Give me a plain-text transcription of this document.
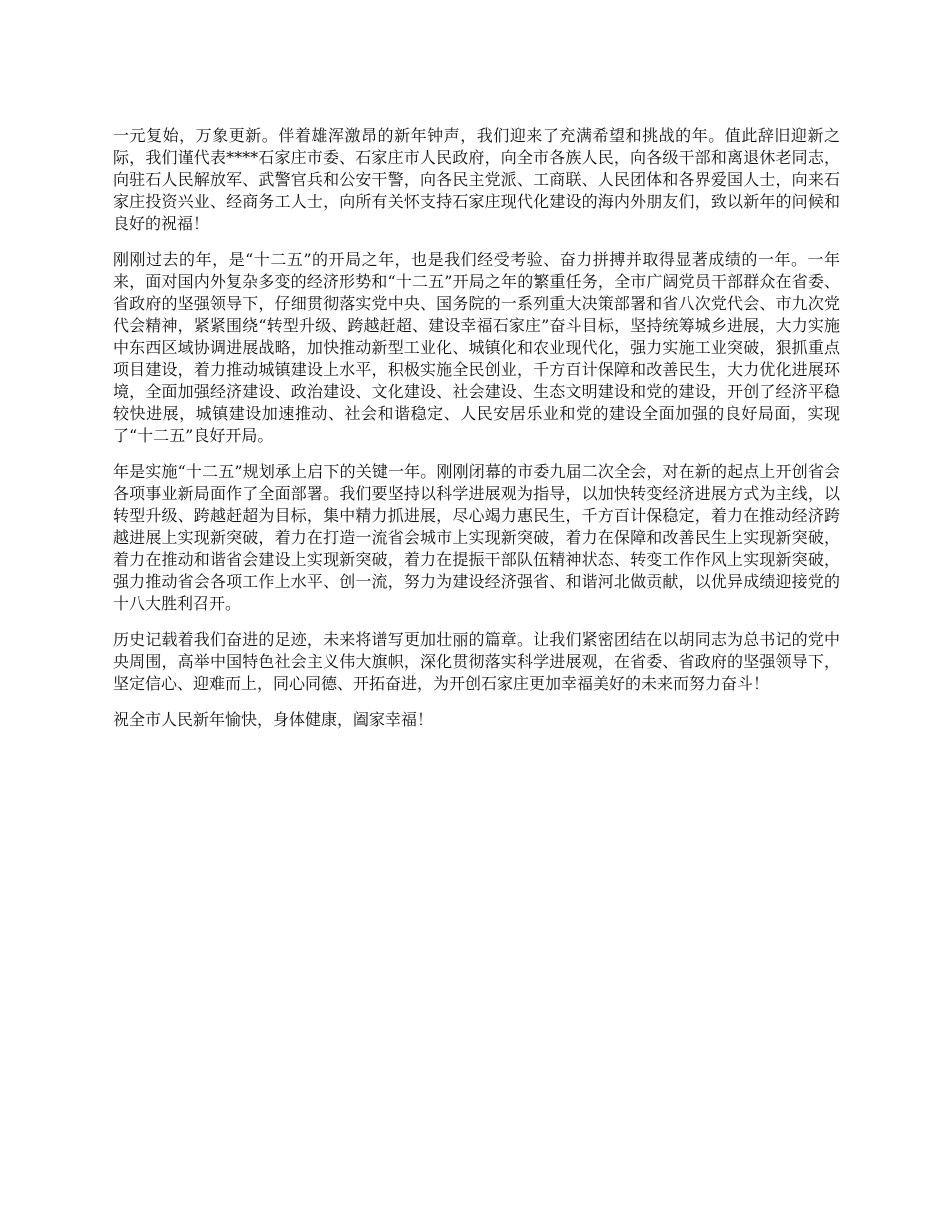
一元复始，万象更新。伴着雄浑激昂的新年钟声，我们迎来了充满希望和挑战的年。值此辞旧迎新之际，我们谨代表****石家庄市委、石家庄市人民政府，向全市各族人民，向各级干部和离退休老同志，向驻石人民解放军、武警官兵和公安干警，向各民主党派、工商联、人民团体和各界爱国人士，向来石家庄投资兴业、经商务工人士，向所有关怀支持石家庄现代化建设的海内外朋友们，致以新年的问候和良好的祝福！

刚刚过去的年，是“十二五”的开局之年，也是我们经受考验、奋力拼搏并取得显著成绩的一年。一年来，面对国内外复杂多变的经济形势和“十二五”开局之年的繁重任务，全市广阔党员干部群众在省委、省政府的坚强领导下，仔细贯彻落实党中央、国务院的一系列重大决策部署和省八次党代会、市九次党代会精神，紧紧围绕“转型升级、跨越赶超、建设幸福石家庄”奋斗目标，坚持统筹城乡进展，大力实施中东西区域协调进展战略，加快推动新型工业化、城镇化和农业现代化，强力实施工业突破，狠抓重点项目建设，着力推动城镇建设上水平，积极实施全民创业，千方百计保障和改善民生，大力优化进展环境，全面加强经济建设、政治建设、文化建设、社会建设、生态文明建设和党的建设，开创了经济平稳较快进展，城镇建设加速推动、社会和谐稳定、人民安居乐业和党的建设全面加强的良好局面，实现了“十二五”良好开局。

年是实施“十二五”规划承上启下的关键一年。刚刚闭幕的市委九届二次全会，对在新的起点上开创省会各项事业新局面作了全面部署。我们要坚持以科学进展观为指导，以加快转变经济进展方式为主线，以转型升级、跨越赶超为目标，集中精力抓进展，尽心竭力惠民生，千方百计保稳定，着力在推动经济跨越进展上实现新突破，着力在打造一流省会城市上实现新突破，着力在保障和改善民生上实现新突破，着力在推动和谐省会建设上实现新突破，着力在提振干部队伍精神状态、转变工作作风上实现新突破，强力推动省会各项工作上水平、创一流，努力为建设经济强省、和谐河北做贡献，以优异成绩迎接党的十八大胜利召开。

历史记载着我们奋进的足迹，未来将谱写更加壮丽的篇章。让我们紧密团结在以胡同志为总书记的党中央周围，高举中国特色社会主义伟大旗帜，深化贯彻落实科学进展观，在省委、省政府的坚强领导下，坚定信心、迎难而上，同心同德、开拓奋进，为开创石家庄更加幸福美好的未来而努力奋斗！

祝全市人民新年愉快，身体健康，阖家幸福！
